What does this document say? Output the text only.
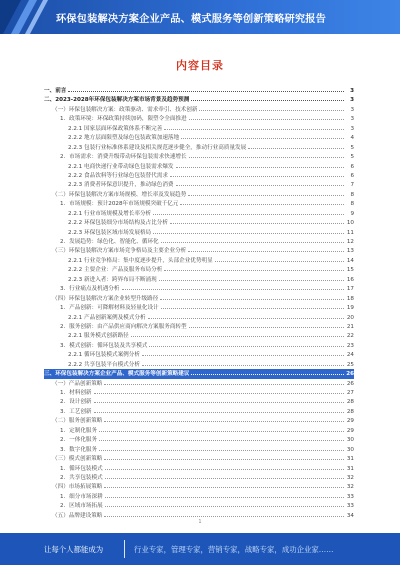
环保包装解决方案企业产品、模式服务等创新策略研究报告
内容目录
一、前言	3
二、2023-2028年环保包装解决方案市场背景及趋势预测	3
（一）环保包装解决方案：政策驱动、需求牵引、技术创新	3
1．政策环境：环保政策持续加码，限塑令全面推进	3
2.2.1 国家层面环保政策体系不断完善	3
2.2.2 地方层面限塑及绿色包装政策加速落地	4
2.2.3 包装行业标准体系建设及相关规范逐步健全，推动行业高质量发展	5
2．市场需求：消费升级带动环保包装需求快速增长	5
2.2.1 电商快递行业带动绿色包装需求爆发	6
2.2.2 食品饮料等行业绿色包装替代需求	6
2.2.3 消费者环保意识提升，推动绿色消费	7
（二）环保包装解决方案市场规模、增长率及发展趋势	8
1．市场规模：预计2028年市场规模突破千亿元	8
2.2.1 行业市场规模及增长率分析	9
2.2.2 环保包装细分市场结构及占比分析	10
2.2.3 环保包装区域市场发展格局	11
2．发展趋势：绿色化、智能化、循环化	12
（三）环保包装解决方案市场竞争格局及主要企业分析	13
2.2.1 行业竞争格局：集中度逐步提升，头部企业优势明显	14
2.2.2 主要企业：产品及服务布局分析	15
2.2.3 新进入者：跨界布局不断涌现	16
3．行业痛点及机遇分析	17
（四）环保包装解决方案企业转型升级路径	18
1．产品创新：可降解材料及轻量化设计	19
2.2.1 产品创新案例及模式分析	20
2．服务创新：由产品供应商向解决方案服务商转型	21
2.2.1 服务模式创新路径	22
3．模式创新：循环包装及共享模式	23
2.2.1 循环包装模式案例分析	24
2.2.2 共享包装平台模式分析	25
三、环保包装解决方案企业产品、模式服务等创新策略建议	26
（一）产品创新策略	26
1．材料创新	27
2．设计创新	28
3．工艺创新	28
（二）服务创新策略	29
1．定制化服务	29
2．一体化服务	30
3．数字化服务	30
（三）模式创新策略	31
1．循环包装模式	31
2．共享包装模式	32
（四）市场拓展策略	32
1．细分市场深耕	33
2．区域市场拓展	33
（五）品牌建设策略	34
1
让每个人都能成为	行业专家，管理专家，营销专家，战略专家，成功企业家……
